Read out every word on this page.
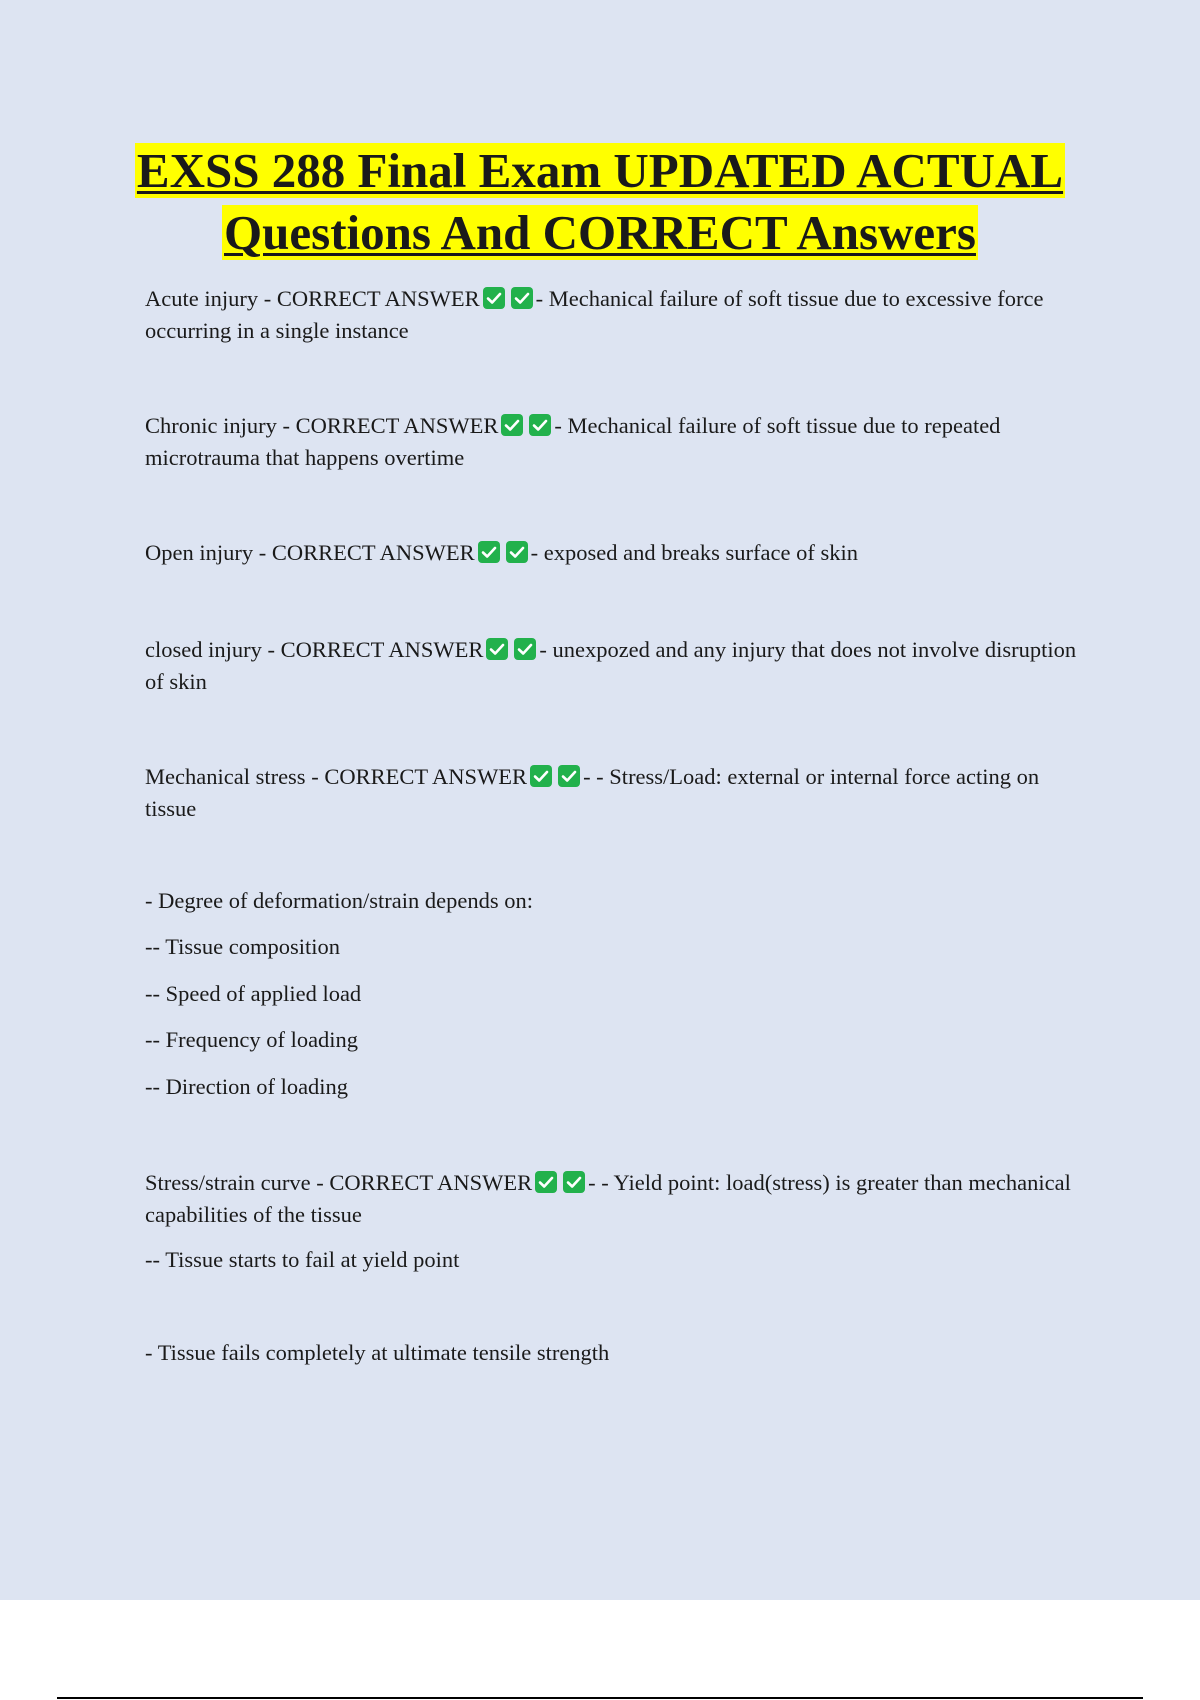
EXSS 288 Final Exam UPDATED ACTUAL
Questions And CORRECT Answers

Acute injury - CORRECT ANSWER - Mechanical failure of soft tissue due to excessive force occurring in a single instance

Chronic injury - CORRECT ANSWER - Mechanical failure of soft tissue due to repeated microtrauma that happens overtime

Open injury - CORRECT ANSWER - exposed and breaks surface of skin

closed injury - CORRECT ANSWER - unexpozed and any injury that does not involve disruption of skin

Mechanical stress - CORRECT ANSWER - - Stress/Load: external or internal force acting on tissue

- Degree of deformation/strain depends on:

-- Tissue composition

-- Speed of applied load

-- Frequency of loading

-- Direction of loading

Stress/strain curve - CORRECT ANSWER - - Yield point: load(stress) is greater than mechanical capabilities of the tissue

-- Tissue starts to fail at yield point

- Tissue fails completely at ultimate tensile strength
